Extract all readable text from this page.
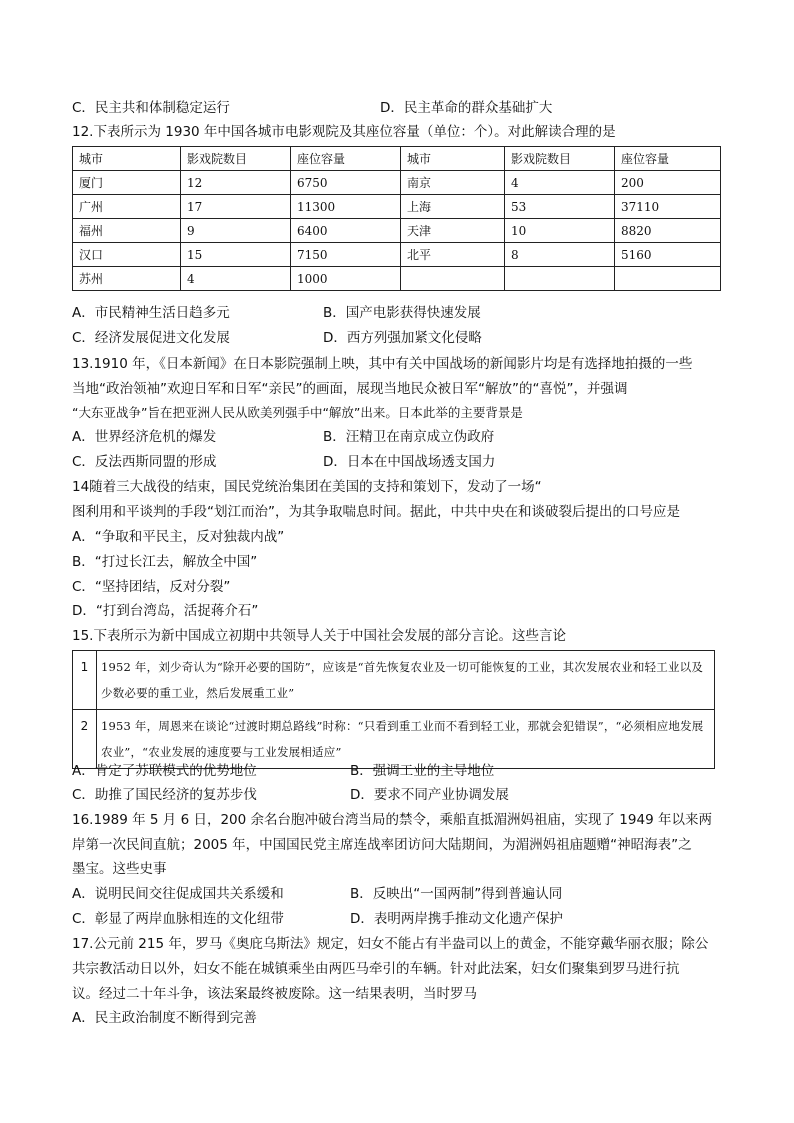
C．民主共和体制稳定运行	D．民主革命的群众基础扩大
12.下表所示为 1930 年中国各城市电影观院及其座位容量（单位：个）。对此解读合理的是
城市	影戏院数目	座位容量	城市	影戏院数目	座位容量
厦门	12	6750	南京	4	200
广州	17	11300	上海	53	37110
福州	9	6400	天津	10	8820
汉口	15	7150	北平	8	5160
苏州	4	1000			
A．市民精神生活日趋多元	B．国产电影获得快速发展
C．经济发展促进文化发展	D．西方列强加紧文化侵略
13.1910 年，《日本新闻》在日本影院强制上映，其中有关中国战场的新闻影片均是有选择地拍摄的一些
当地“政治领袖”欢迎日军和日军“亲民”的画面，展现当地民众被日军“解放”的“喜悦”，并强调
“大东亚战争”旨在把亚洲人民从欧美列强手中“解放”出来。日本此举的主要背景是
A．世界经济危机的爆发	B．汪精卫在南京成立伪政府
C．反法西斯同盟的形成	D．日本在中国战场透支国力
14随着三大战役的结束，国民党统治集团在美国的支持和策划下，发动了一场“
图利用和平谈判的手段“划江而治”，为其争取喘息时间。据此，中共中央在和谈破裂后提出的口号应是
A．“争取和平民主，反对独裁内战”
B．“打过长江去，解放全中国”
C．“坚持团结，反对分裂”
D．“打到台湾岛，活捉蒋介石”
15.下表所示为新中国成立初期中共领导人关于中国社会发展的部分言论。这些言论
1	1952 年，刘少奇认为“除开必要的国防”，应该是“首先恢复农业及一切可能恢复的工业，其次发展农业和轻工业以及少数必要的重工业，然后发展重工业”
2	1953 年，周恩来在谈论“过渡时期总路线”时称：“只看到重工业而不看到轻工业，那就会犯错误”，“必须相应地发展农业”，“农业发展的速度要与工业发展相适应”
A．肯定了苏联模式的优势地位	B．强调工业的主导地位
C．助推了国民经济的复苏步伐	D．要求不同产业协调发展
16.1989 年 5 月 6 日，200 余名台胞冲破台湾当局的禁令，乘船直抵湄洲妈祖庙，实现了 1949 年以来两
岸第一次民间直航；2005 年，中国国民党主席连战率团访问大陆期间，为湄洲妈祖庙题赠“神昭海表”之
墨宝。这些史事
A．说明民间交往促成国共关系缓和	B．反映出“一国两制”得到普遍认同
C．彰显了两岸血脉相连的文化纽带	D．表明两岸携手推动文化遗产保护
17.公元前 215 年，罗马《奥庇乌斯法》规定，妇女不能占有半盎司以上的黄金，不能穿戴华丽衣服；除公
共宗教活动日以外，妇女不能在城镇乘坐由两匹马牵引的车辆。针对此法案，妇女们聚集到罗马进行抗
议。经过二十年斗争，该法案最终被废除。这一结果表明，当时罗马
A．民主政治制度不断得到完善
